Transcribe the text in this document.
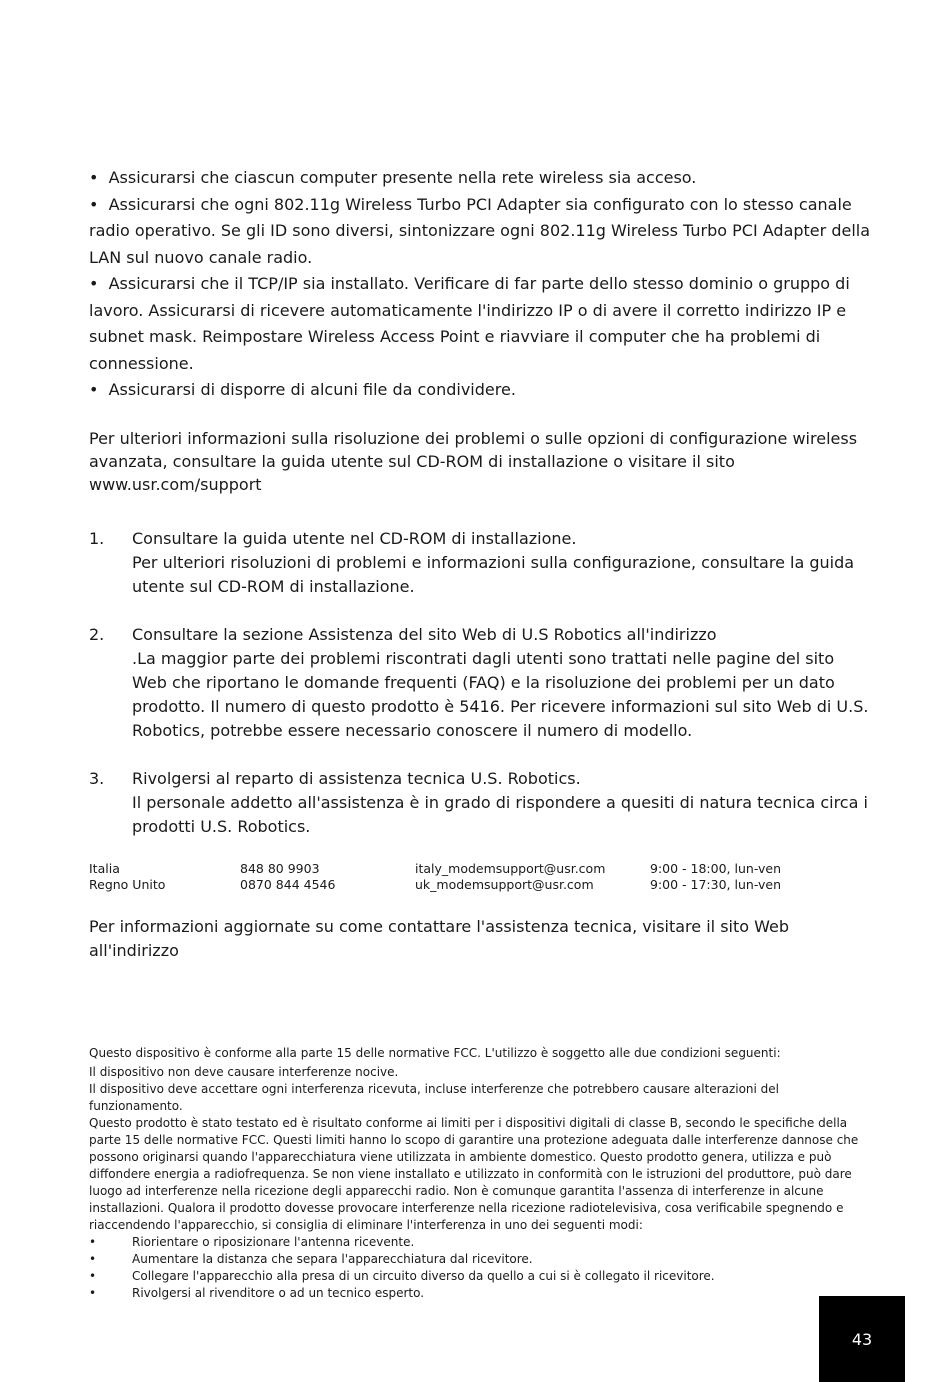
•  Assicurarsi che ciascun computer presente nella rete wireless sia acceso.

•  Assicurarsi che ogni 802.11g Wireless Turbo PCI Adapter sia configurato con lo stesso canale radio operativo. Se gli ID sono diversi, sintonizzare ogni 802.11g Wireless Turbo PCI Adapter della LAN sul nuovo canale radio.

•  Assicurarsi che il TCP/IP sia installato. Verificare di far parte dello stesso dominio o gruppo di lavoro. Assicurarsi di ricevere automaticamente l'indirizzo IP o di avere il corretto indirizzo IP e subnet mask. Reimpostare Wireless Access Point e riavviare il computer che ha problemi di connessione.

•  Assicurarsi di disporre di alcuni file da condividere.

Per ulteriori informazioni sulla risoluzione dei problemi o sulle opzioni di configurazione wireless avanzata, consultare la guida utente sul CD-ROM di installazione o visitare il sito www.usr.com/support

1.	Consultare la guida utente nel CD-ROM di installazione.
Per ulteriori risoluzioni di problemi e informazioni sulla configurazione, consultare la guida utente sul CD-ROM di installazione.
2.	Consultare la sezione Assistenza del sito Web di U.S Robotics all'indirizzo
.La maggior parte dei problemi riscontrati dagli utenti sono trattati nelle pagine del sito Web che riportano le domande frequenti (FAQ) e la risoluzione dei problemi per un dato prodotto. Il numero di questo prodotto è 5416. Per ricevere informazioni sul sito Web di U.S. Robotics, potrebbe essere necessario conoscere il numero di modello.
3.	Rivolgersi al reparto di assistenza tecnica U.S. Robotics.
Il personale addetto all'assistenza è in grado di rispondere a quesiti di natura tecnica circa i prodotti U.S. Robotics.
Italia	848 80 9903	italy_modemsupport@usr.com	9:00 - 18:00, lun-ven
Regno Unito	0870 844 4546	uk_modemsupport@usr.com	9:00 - 17:30, lun-ven

Per informazioni aggiornate su come contattare l'assistenza tecnica, visitare il sito Web all'indirizzo

Questo dispositivo è conforme alla parte 15 delle normative FCC. L'utilizzo è soggetto alle due condizioni seguenti:

Il dispositivo non deve causare interferenze nocive.

Il dispositivo deve accettare ogni interferenza ricevuta, incluse interferenze che potrebbero causare alterazioni del funzionamento.

Questo prodotto è stato testato ed è risultato conforme ai limiti per i dispositivi digitali di classe B, secondo le specifiche della parte 15 delle normative FCC. Questi limiti hanno lo scopo di garantire una protezione adeguata dalle interferenze dannose che possono originarsi quando l'apparecchiatura viene utilizzata in ambiente domestico. Questo prodotto genera, utilizza e può diffondere energia a radiofrequenza. Se non viene installato e utilizzato in conformità con le istruzioni del produttore, può dare luogo ad interferenze nella ricezione degli apparecchi radio. Non è comunque garantita l'assenza di interferenze in alcune installazioni. Qualora il prodotto dovesse provocare interferenze nella ricezione radiotelevisiva, cosa verificabile spegnendo e riaccendendo l'apparecchio, si consiglia di eliminare l'interferenza in uno dei seguenti modi:

•	Riorientare o riposizionare l'antenna ricevente.
•	Aumentare la distanza che separa l'apparecchiatura dal ricevitore.
•	Collegare l'apparecchio alla presa di un circuito diverso da quello a cui si è collegato il ricevitore.
•	Rivolgersi al rivenditore o ad un tecnico esperto.
43
